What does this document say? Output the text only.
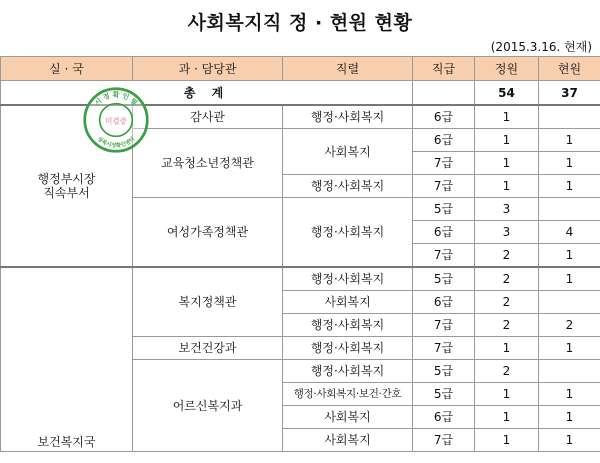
사회복지직 정 · 현원 현황
(2015.3.16. 현재)
실 · 국	과 · 담당관	직렬	직급	정원	현원
총 계				54	37
행정부시장
직속부서	감사관	행정·사회복지	6급	1	
	교육청소년정책관	사회복지	6급	1	1
			7급	1	1
		행정·사회복지	7급	1	1
	여성가족정책관	행정·사회복지	5급	3	
			6급	3	4
			7급	2	1
보건복지국	복지정책관	행정·사회복지	5급	2	1
		사회복지	6급	2	
		행정·사회복지	7급	2	2
	보건건강과	행정·사회복지	7급	1	1
	어르신복지과	행정·사회복지	5급	2	
		행정·사회복지·보건·간호	5급	1	1
		사회복지	6급	1	1
		사회복지	7급	1	1
시 정 확 인 필
미검증
성북시정확인센터
